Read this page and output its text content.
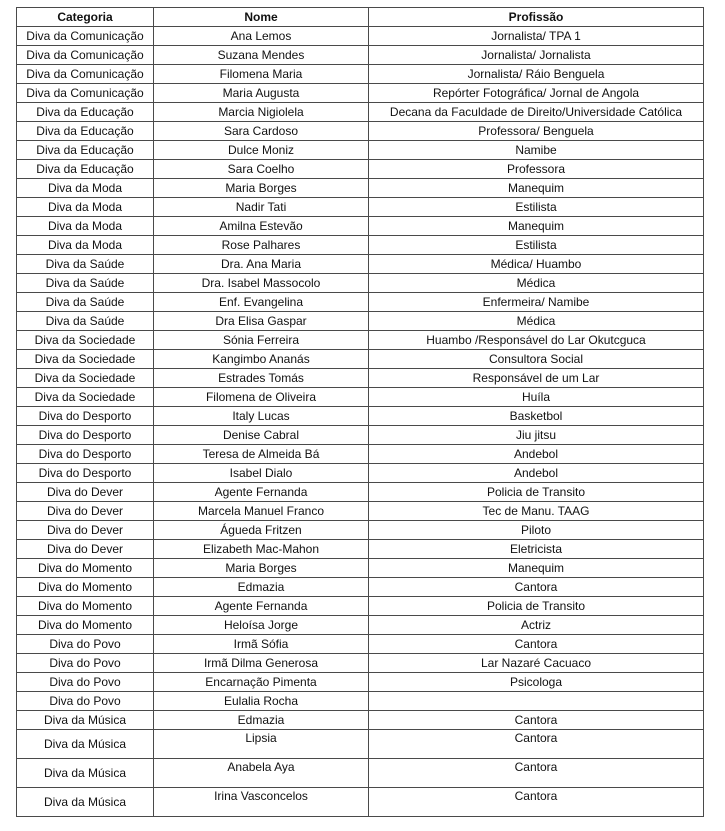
Categoria	Nome	Profissão
Diva da Comunicação	Ana Lemos	Jornalista/ TPA 1
Diva da Comunicação	Suzana Mendes	Jornalista/ Jornalista
Diva da Comunicação	Filomena Maria	Jornalista/ Ráio Benguela
Diva da Comunicação	Maria Augusta	Repórter Fotográfica/ Jornal de Angola
Diva da Educação	Marcia Nigiolela	Decana da Faculdade de Direito/Universidade Católica
Diva da Educação	Sara Cardoso	Professora/ Benguela
Diva da Educação	Dulce Moniz	Namibe
Diva da Educação	Sara Coelho	Professora
Diva da Moda	Maria Borges	Manequim
Diva da Moda	Nadir Tati	Estilista
Diva da Moda	Amilna Estevão	Manequim
Diva da Moda	Rose Palhares	Estilista
Diva da Saúde	Dra. Ana Maria	Médica/ Huambo
Diva da Saúde	Dra. Isabel Massocolo	Médica
Diva da Saúde	Enf. Evangelina	Enfermeira/ Namibe
Diva da Saúde	Dra Elisa Gaspar	Médica
Diva da Sociedade	Sónia Ferreira	Huambo /Responsável do Lar Okutcguca
Diva da Sociedade	Kangimbo Ananás	Consultora Social
Diva da Sociedade	Estrades Tomás	Responsável de um Lar
Diva da Sociedade	Filomena de Oliveira	Huíla
Diva do Desporto	Italy Lucas	Basketbol
Diva do Desporto	Denise Cabral	Jiu jitsu
Diva do Desporto	Teresa de Almeida Bá	Andebol
Diva do Desporto	Isabel Dialo	Andebol
Diva do Dever	Agente Fernanda	Policia de Transito
Diva do Dever	Marcela Manuel Franco	Tec de Manu. TAAG
Diva do Dever	Águeda Fritzen	Piloto
Diva do Dever	Elizabeth Mac-Mahon	Eletricista
Diva do Momento	Maria Borges	Manequim
Diva do Momento	Edmazia	Cantora
Diva do Momento	Agente Fernanda	Policia de Transito
Diva do Momento	Heloísa Jorge	Actriz
Diva do Povo	Irmã Sófia	Cantora
Diva do Povo	Irmã Dilma Generosa	Lar Nazaré Cacuaco
Diva do Povo	Encarnação Pimenta	Psicologa
Diva do Povo	Eulalia Rocha	
Diva da Música	Edmazia	Cantora
Diva da Música	Lipsia	Cantora
Diva da Música	Anabela Aya	Cantora
Diva da Música	Irina Vasconcelos	Cantora
